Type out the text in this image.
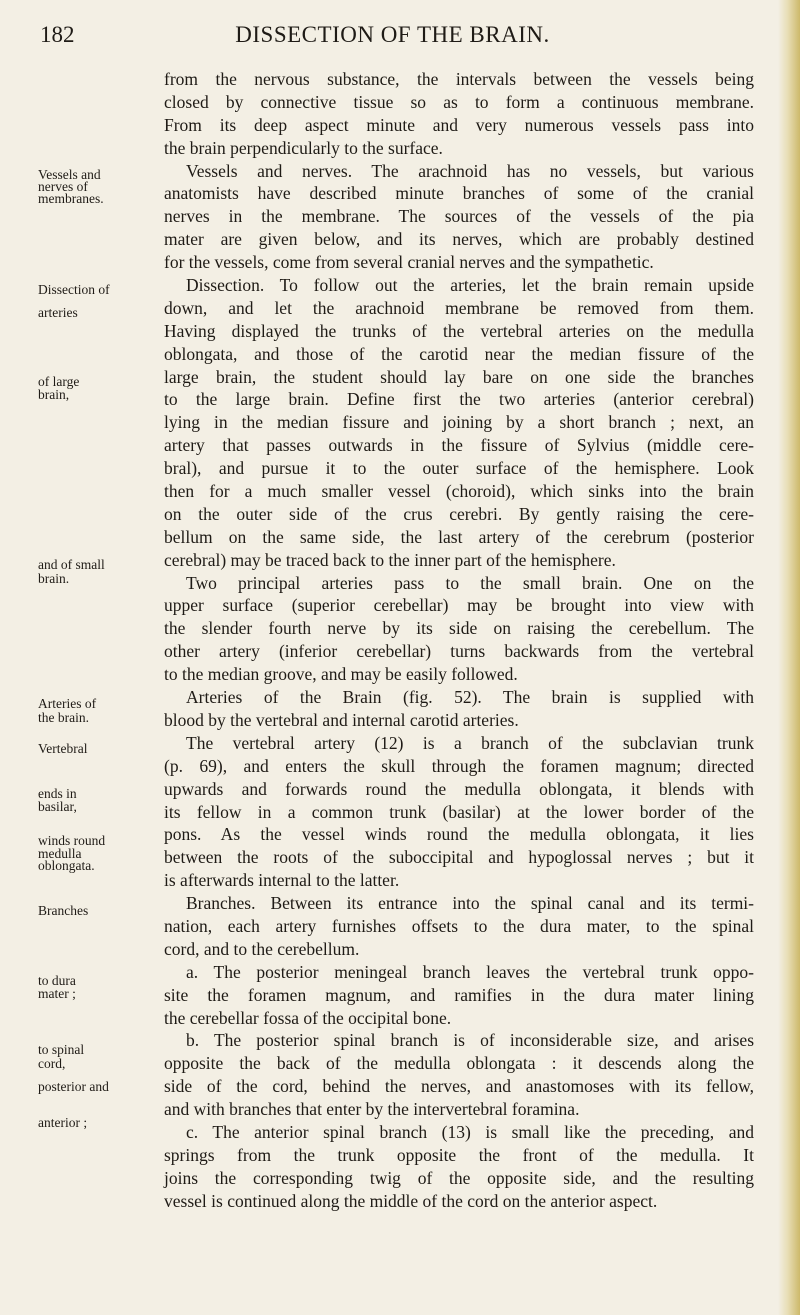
182	DISSECTION OF THE BRAIN.
Vessels and
nerves of
membranes.
Dissection of
arteries
of large
brain,
and of small
brain.
Arteries of
the brain.
Vertebral
ends in
basilar,
winds round
medulla
oblongata.
Branches
to dura
mater ;
to spinal
cord,
posterior and
anterior ;
from the nervous substance, the intervals between the vessels being
closed by connective tissue so as to form a continuous membrane.
From its deep aspect minute and very numerous vessels pass into
the brain perpendicularly to the surface.
Vessels and nerves. The arachnoid has no vessels, but various
anatomists have described minute branches of some of the cranial
nerves in the membrane. The sources of the vessels of the pia
mater are given below, and its nerves, which are probably destined
for the vessels, come from several cranial nerves and the sympathetic.
Dissection. To follow out the arteries, let the brain remain upside
down, and let the arachnoid membrane be removed from them.
Having displayed the trunks of the vertebral arteries on the medulla
oblongata, and those of the carotid near the median fissure of the
large brain, the student should lay bare on one side the branches
to the large brain. Define first the two arteries (anterior cerebral)
lying in the median fissure and joining by a short branch ; next, an
artery that passes outwards in the fissure of Sylvius (middle cere-
bral), and pursue it to the outer surface of the hemisphere. Look
then for a much smaller vessel (choroid), which sinks into the brain
on the outer side of the crus cerebri. By gently raising the cere-
bellum on the same side, the last artery of the cerebrum (posterior
cerebral) may be traced back to the inner part of the hemisphere.
Two principal arteries pass to the small brain. One on the
upper surface (superior cerebellar) may be brought into view with
the slender fourth nerve by its side on raising the cerebellum. The
other artery (inferior cerebellar) turns backwards from the vertebral
to the median groove, and may be easily followed.
Arteries of the Brain (fig. 52). The brain is supplied with
blood by the vertebral and internal carotid arteries.
The vertebral artery (12) is a branch of the subclavian trunk
(p. 69), and enters the skull through the foramen magnum; directed
upwards and forwards round the medulla oblongata, it blends with
its fellow in a common trunk (basilar) at the lower border of the
pons. As the vessel winds round the medulla oblongata, it lies
between the roots of the suboccipital and hypoglossal nerves ; but it
is afterwards internal to the latter.
Branches. Between its entrance into the spinal canal and its termi-
nation, each artery furnishes offsets to the dura mater, to the spinal
cord, and to the cerebellum.
a. The posterior meningeal branch leaves the vertebral trunk oppo-
site the foramen magnum, and ramifies in the dura mater lining
the cerebellar fossa of the occipital bone.
b. The posterior spinal branch is of inconsiderable size, and arises
opposite the back of the medulla oblongata : it descends along the
side of the cord, behind the nerves, and anastomoses with its fellow,
and with branches that enter by the intervertebral foramina.
c. The anterior spinal branch (13) is small like the preceding, and
springs from the trunk opposite the front of the medulla. It
joins the corresponding twig of the opposite side, and the resulting
vessel is continued along the middle of the cord on the anterior aspect.
